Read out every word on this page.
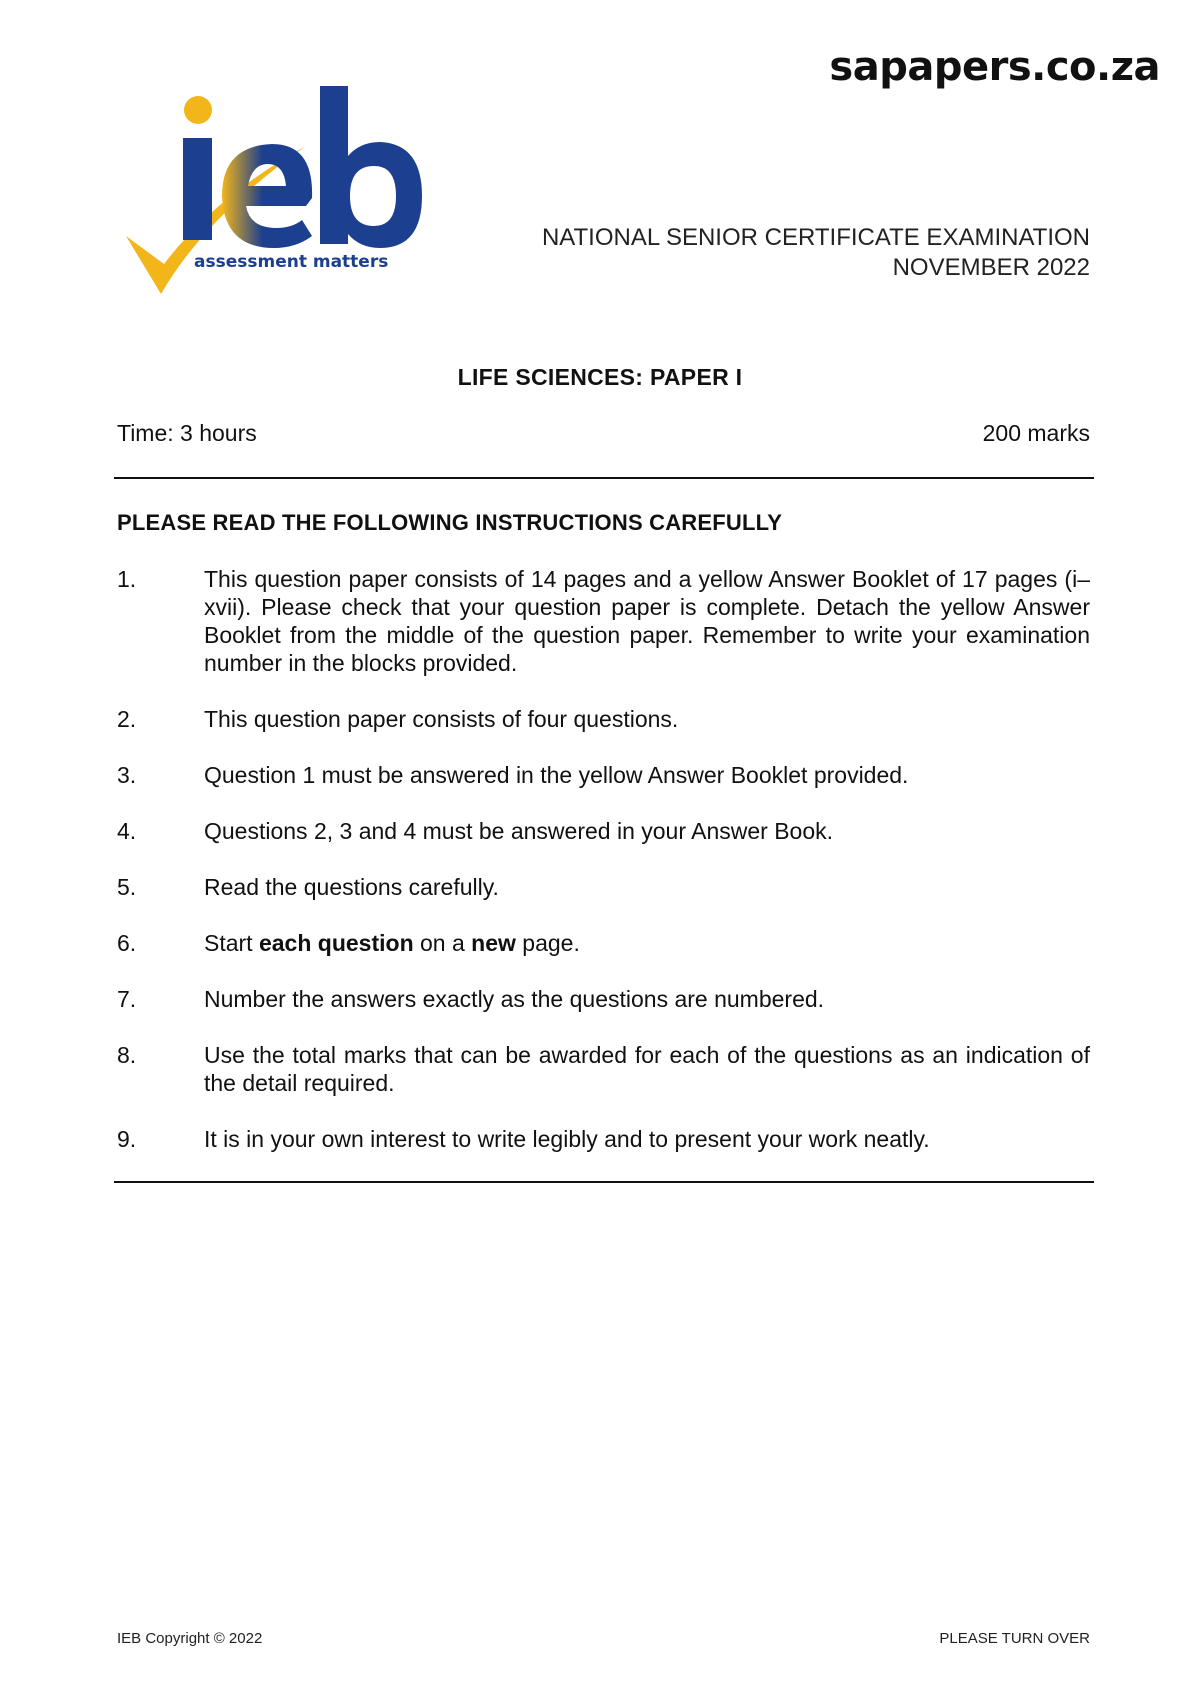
sapapers.co.za
assessment matters
NATIONAL SENIOR CERTIFICATE EXAMINATION
NOVEMBER 2022
LIFE SCIENCES: PAPER I
Time: 3 hours	200 marks
PLEASE READ THE FOLLOWING INSTRUCTIONS CAREFULLY
1.	This question paper consists of 14 pages and a yellow Answer Booklet of 17 pages (i–xvii). Please check that your question paper is complete. Detach the yellow Answer Booklet from the middle of the question paper. Remember to write your examination number in the blocks provided.
2.	This question paper consists of four questions.
3.	Question 1 must be answered in the yellow Answer Booklet provided.
4.	Questions 2, 3 and 4 must be answered in your Answer Book.
5.	Read the questions carefully.
6.	Start each question on a new page.
7.	Number the answers exactly as the questions are numbered.
8.	Use the total marks that can be awarded for each of the questions as an indication of the detail required.
9.	It is in your own interest to write legibly and to present your work neatly.
IEB Copyright © 2022	PLEASE TURN OVER
